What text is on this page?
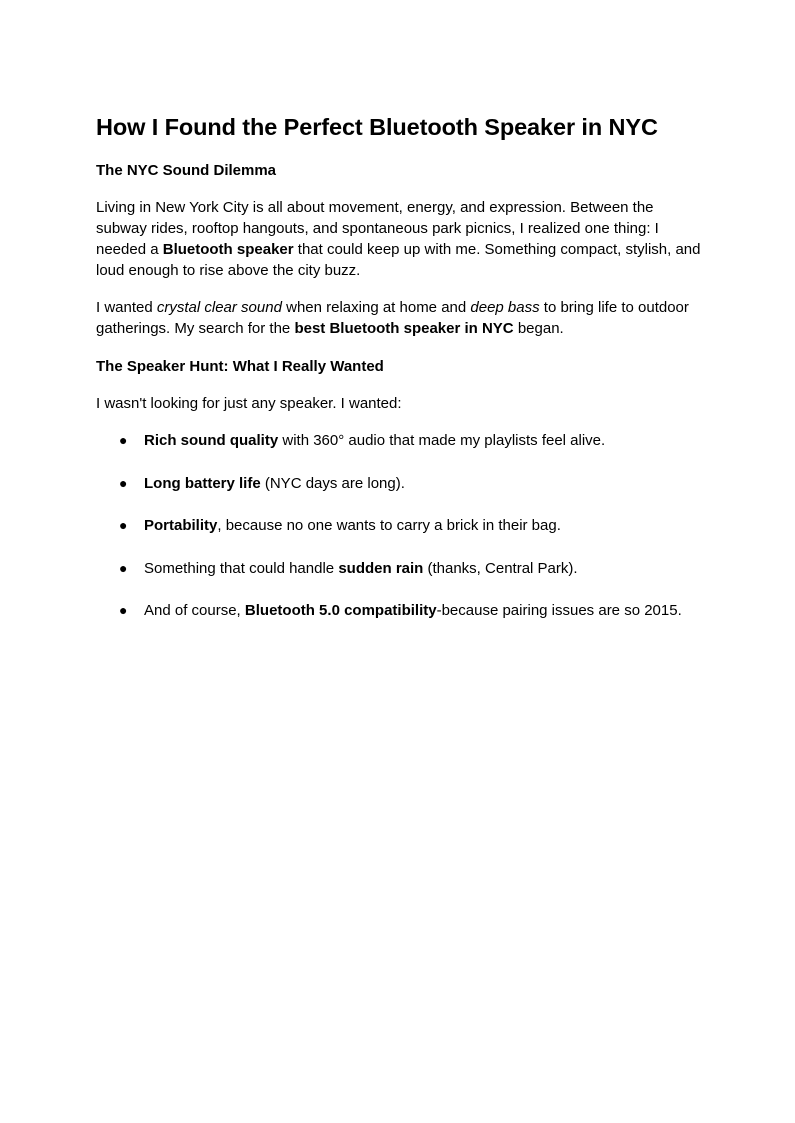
How I Found the Perfect Bluetooth Speaker in NYC
The NYC Sound Dilemma

Living in New York City is all about movement, energy, and expression. Between the subway rides, rooftop hangouts, and spontaneous park picnics, I realized one thing: I needed a Bluetooth speaker that could keep up with me. Something compact, stylish, and loud enough to rise above the city buzz.

I wanted crystal clear sound when relaxing at home and deep bass to bring life to outdoor gatherings. My search for the best Bluetooth speaker in NYC began.

The Speaker Hunt: What I Really Wanted

I wasn't looking for just any speaker. I wanted:

● Rich sound quality with 360° audio that made my playlists feel alive.
● Long battery life (NYC days are long).
● Portability, because no one wants to carry a brick in their bag.
● Something that could handle sudden rain (thanks, Central Park).
● And of course, Bluetooth 5.0 compatibility-because pairing issues are so 2015.
